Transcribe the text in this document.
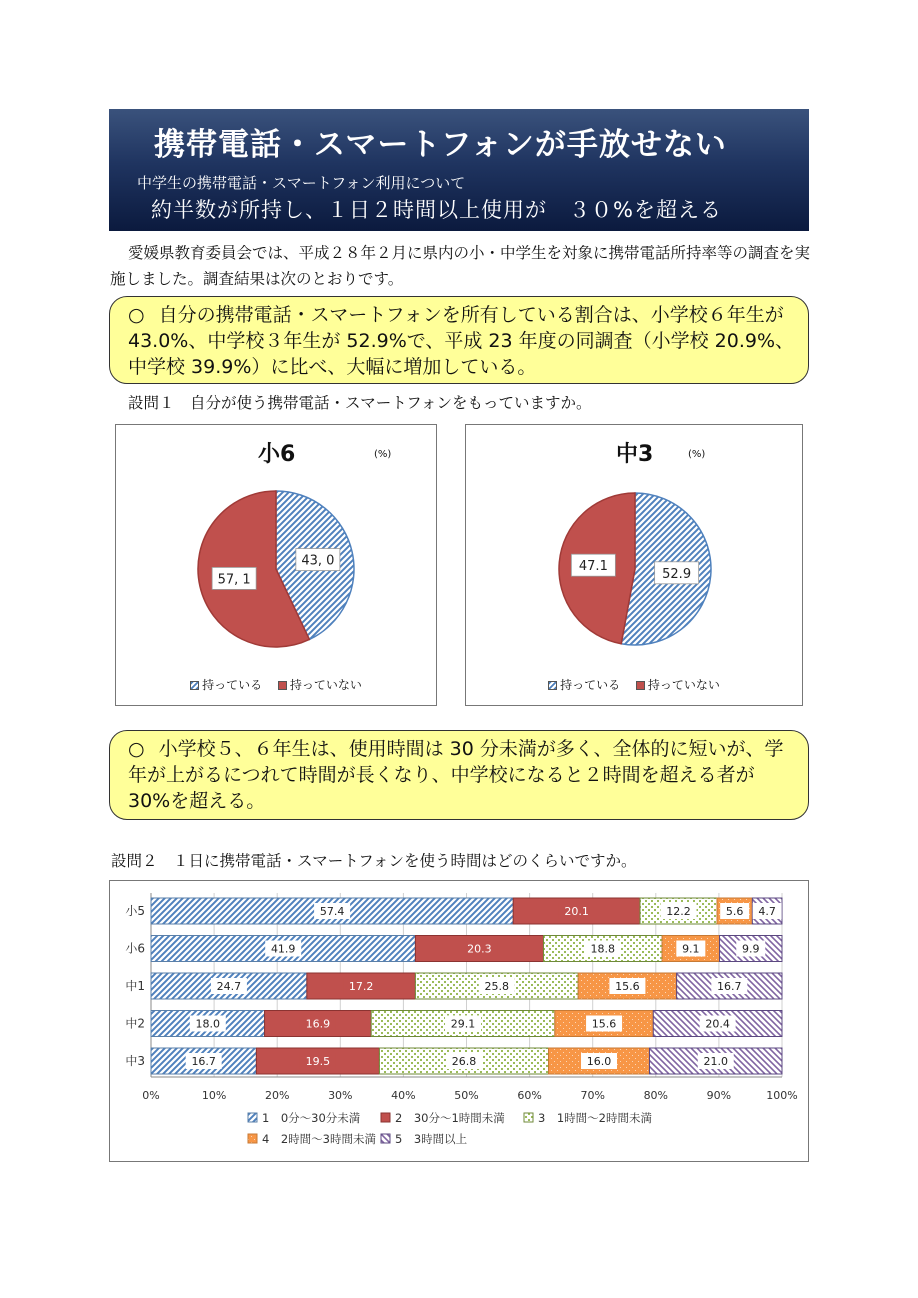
携帯電話・スマートフォンが手放せない
中学生の携帯電話・スマートフォン利用について
約半数が所持し、１日２時間以上使用が　３０%を超える
愛媛県教育委員会では、平成２８年２月に県内の小・中学生を対象に携帯電話所持率等の調査を実施しました。調査結果は次のとおりです。
○ 自分の携帯電話・スマートフォンを所有している割合は、小学校６年生が 43.0%、中学校３年生が 52.9%で、平成 23 年度の同調査（小学校 20.9%、中学校 39.9%）に比べ、大幅に増加している。
設問１　自分が使う携帯電話・スマートフォンをもっていますか。
小6	(%)
43, 0
57, 1
持っている 持っていない
中3	(%)
52.9
47.1
持っている 持っていない
○ 小学校５、６年生は、使用時間は 30 分未満が多く、全体的に短いが、学年が上がるにつれて時間が長くなり、中学校になると２時間を超える者が 30%を超える。
設問２　１日に携帯電話・スマートフォンを使う時間はどのくらいですか。
0%	10%	20%	30%	40%	50%	60%	70%	80%	90%	100%
小5	57.4	20.1	12.2	5.6 4.7
小6	41.9	20.3	18.8	9.1	9.9
中1	24.7	17.2	25.8	15.6	16.7
中2	18.0	16.9	29.1	15.6	20.4
中3	16.7	19.5	26.8	16.0	21.0
1　0分〜30分未満	2　30分〜1時間未満	3　1時間〜2時間未満
4　2時間〜3時間未満 5　3時間以上
